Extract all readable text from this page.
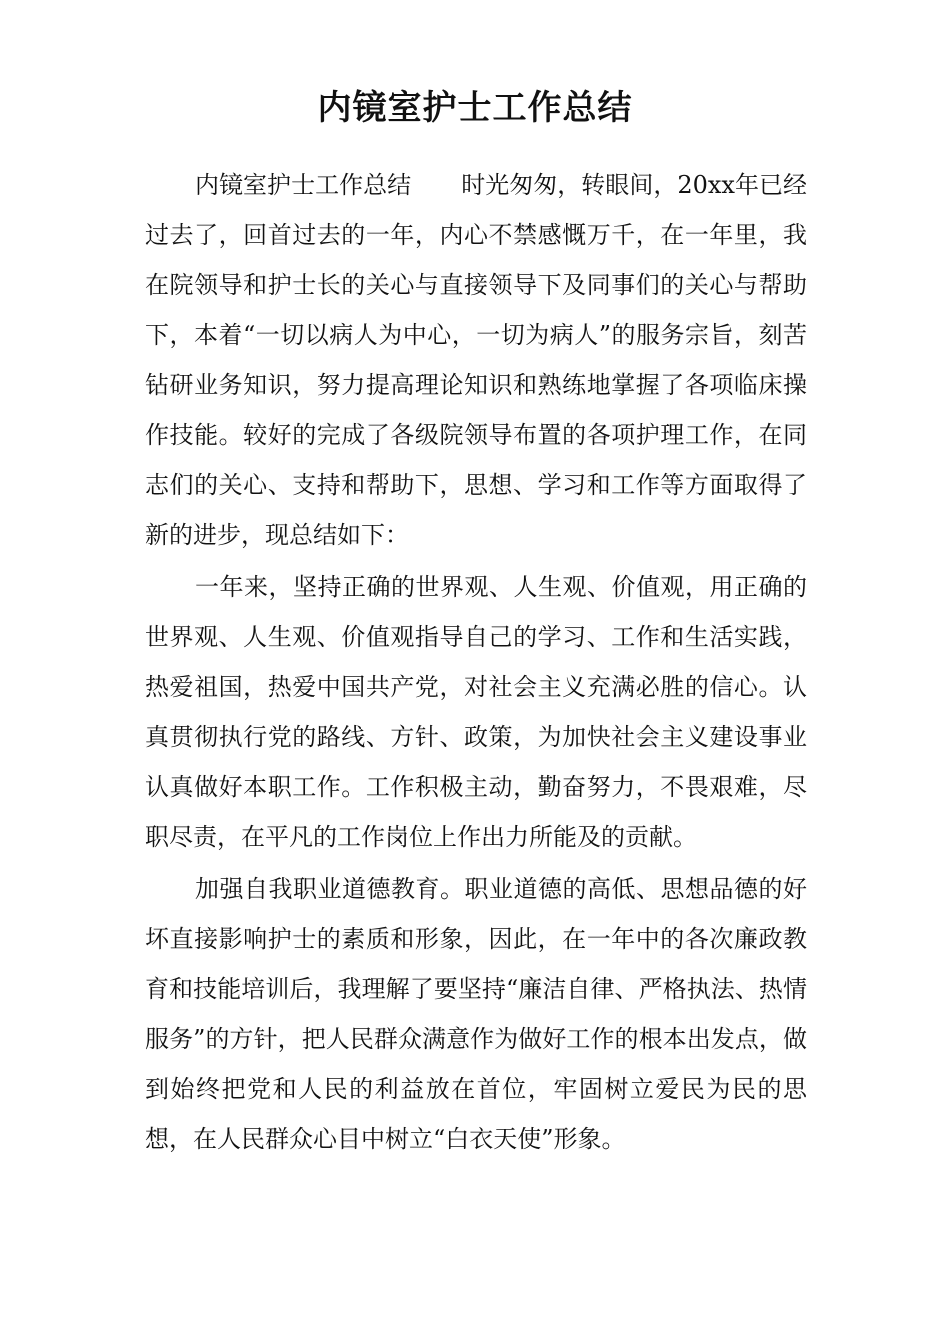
内镜室护士工作总结

内镜室护士工作总结 时光匆匆，转眼间，20xx年已经过去了，回首过去的一年，内心不禁感慨万千，在一年里，我在院领导和护士长的关心与直接领导下及同事们的关心与帮助下，本着“一切以病人为中心，一切为病人”的服务宗旨，刻苦钻研业务知识，努力提高理论知识和熟练地掌握了各项临床操作技能。较好的完成了各级院领导布置的各项护理工作，在同志们的关心、支持和帮助下，思想、学习和工作等方面取得了新的进步，现总结如下：

一年来，坚持正确的世界观、人生观、价值观，用正确的世界观、人生观、价值观指导自己的学习、工作和生活实践，热爱祖国，热爱中国共产党，对社会主义充满必胜的信心。认真贯彻执行党的路线、方针、政策，为加快社会主义建设事业认真做好本职工作。工作积极主动，勤奋努力，不畏艰难，尽职尽责，在平凡的工作岗位上作出力所能及的贡献。

加强自我职业道德教育。职业道德的高低、思想品德的好坏直接影响护士的素质和形象，因此，在一年中的各次廉政教育和技能培训后，我理解了要坚持“廉洁自律、严格执法、热情服务”的方针，把人民群众满意作为做好工作的根本出发点，做到始终把党和人民的利益放在首位，牢固树立爱民为民的思想，在人民群众心目中树立“白衣天使”形象。
